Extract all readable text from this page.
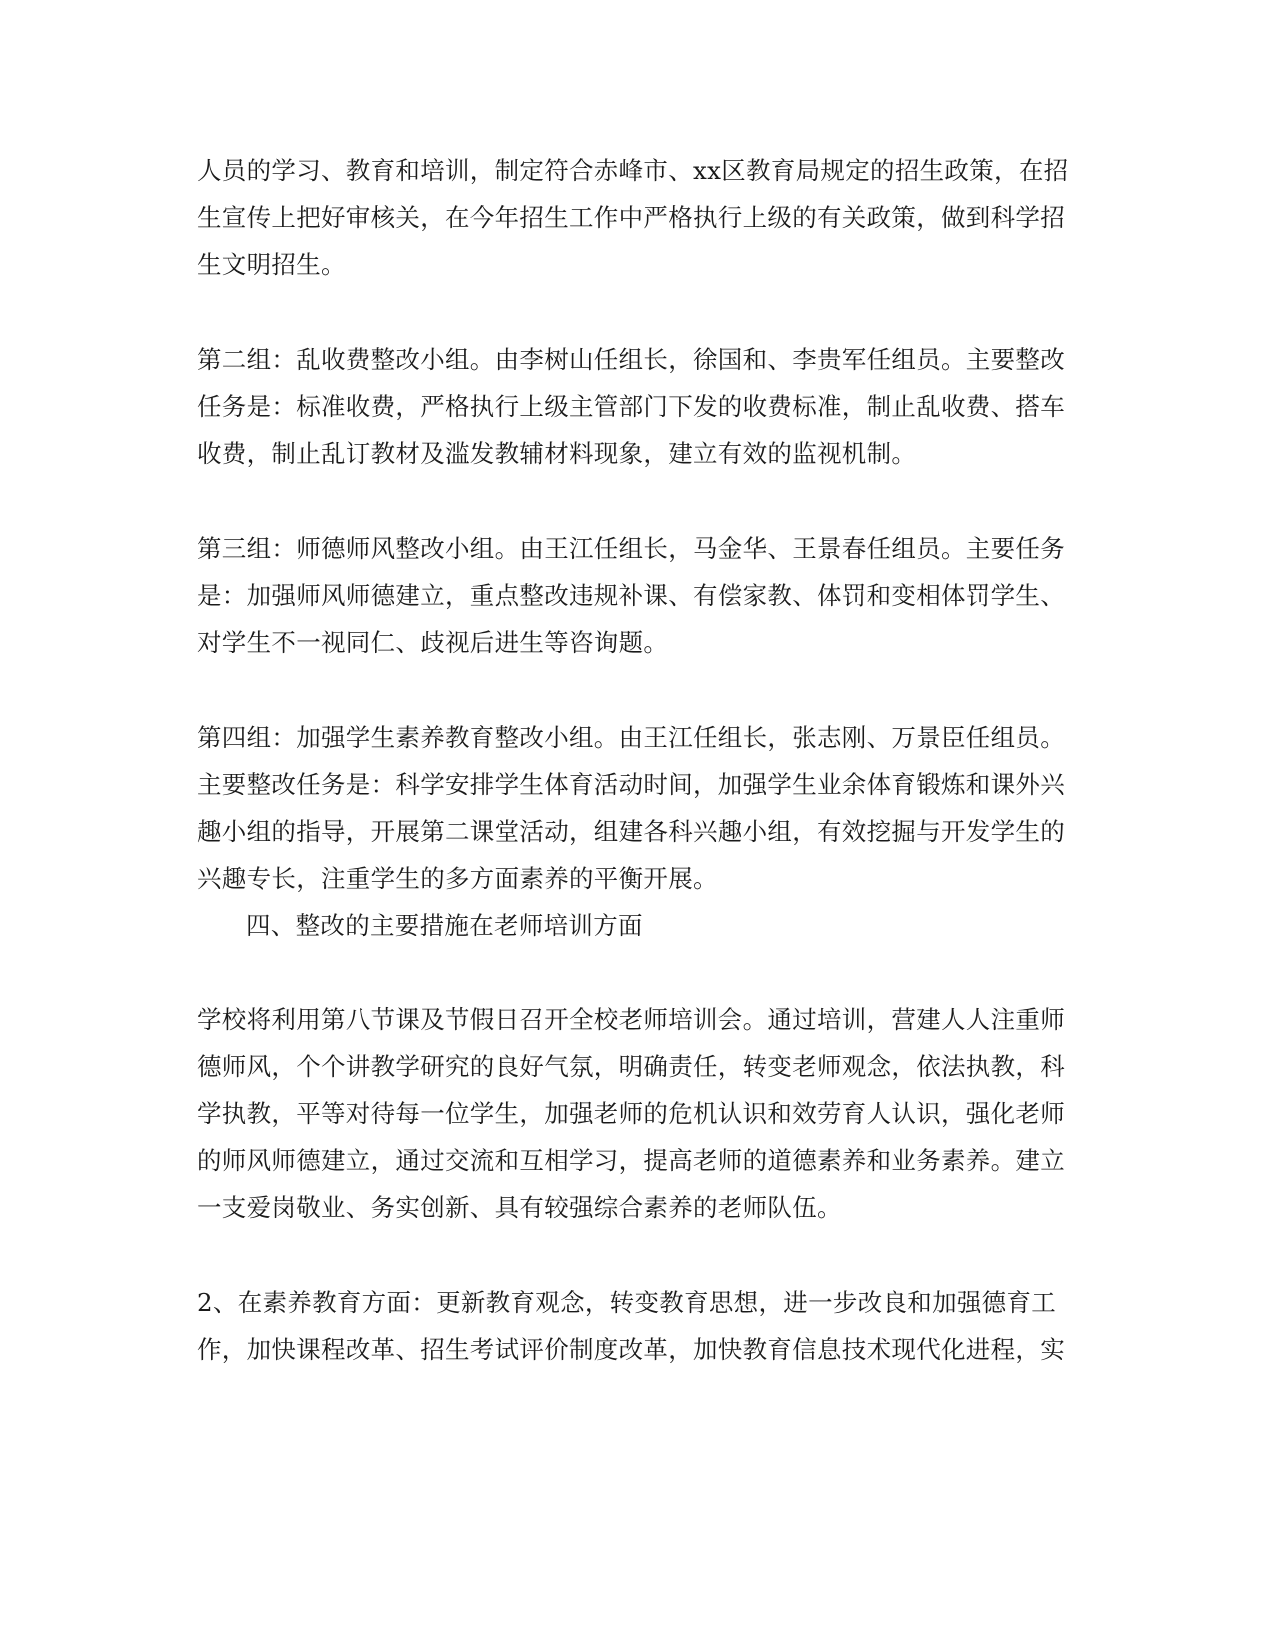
人员的学习、教育和培训，制定符合赤峰市、xx区教育局规定的招生政策，在招
生宣传上把好审核关，在今年招生工作中严格执行上级的有关政策，做到科学招
生文明招生。
第二组：乱收费整改小组。由李树山任组长，徐国和、李贵军任组员。主要整改
任务是：标准收费，严格执行上级主管部门下发的收费标准，制止乱收费、搭车
收费，制止乱订教材及滥发教辅材料现象，建立有效的监视机制。
第三组：师德师风整改小组。由王江任组长，马金华、王景春任组员。主要任务
是：加强师风师德建立，重点整改违规补课、有偿家教、体罚和变相体罚学生、
对学生不一视同仁、歧视后进生等咨询题。
第四组：加强学生素养教育整改小组。由王江任组长，张志刚、万景臣任组员。
主要整改任务是：科学安排学生体育活动时间，加强学生业余体育锻炼和课外兴
趣小组的指导，开展第二课堂活动，组建各科兴趣小组，有效挖掘与开发学生的
兴趣专长，注重学生的多方面素养的平衡开展。
四、整改的主要措施在老师培训方面
学校将利用第八节课及节假日召开全校老师培训会。通过培训，营建人人注重师
德师风，个个讲教学研究的良好气氛，明确责任，转变老师观念，依法执教，科
学执教，平等对待每一位学生，加强老师的危机认识和效劳育人认识，强化老师
的师风师德建立，通过交流和互相学习，提高老师的道德素养和业务素养。建立
一支爱岗敬业、务实创新、具有较强综合素养的老师队伍。
2、在素养教育方面：更新教育观念，转变教育思想，进一步改良和加强德育工
作，加快课程改革、招生考试评价制度改革，加快教育信息技术现代化进程，实
